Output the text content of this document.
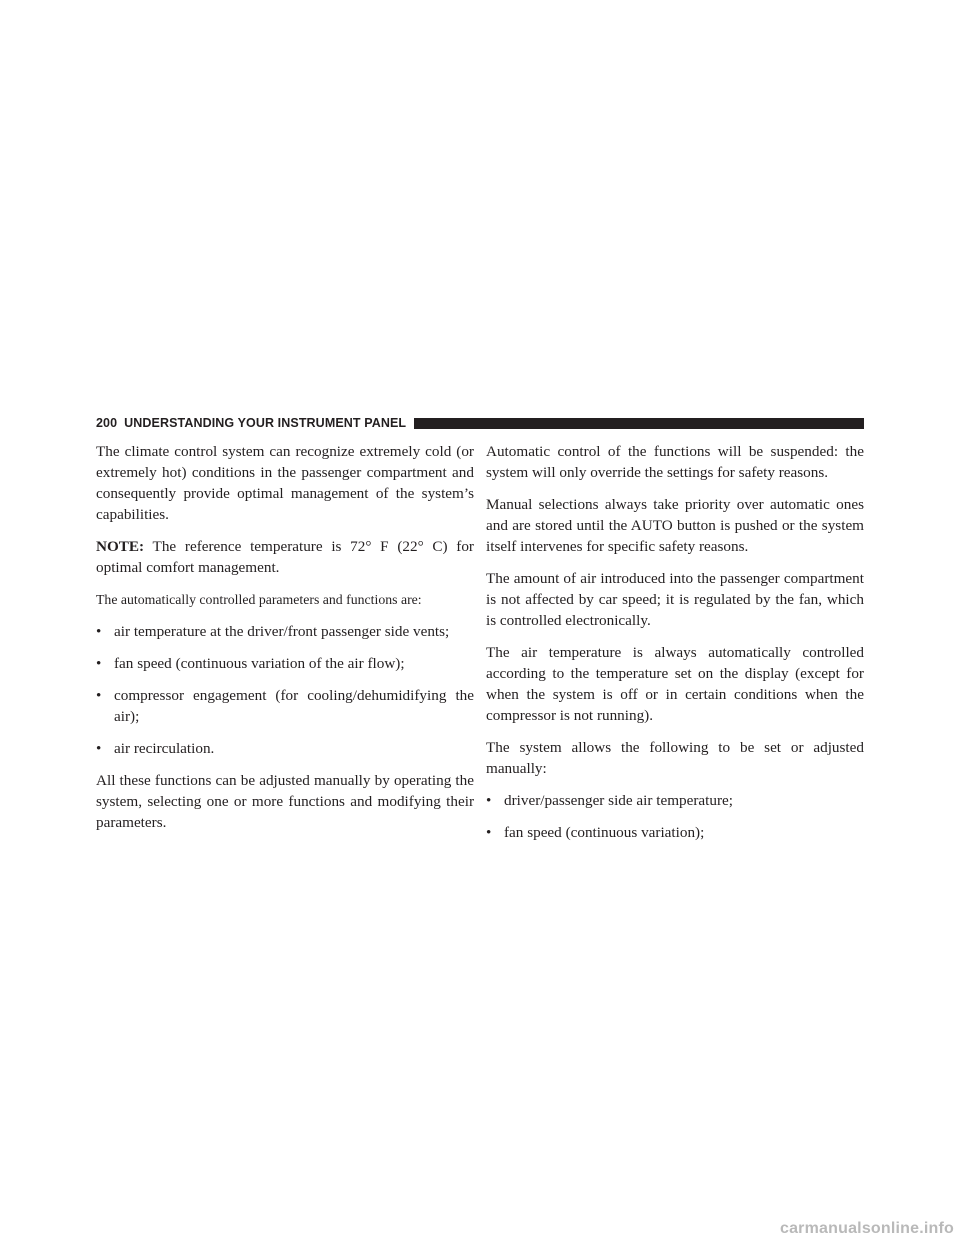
200 UNDERSTANDING YOUR INSTRUMENT PANEL

The climate control system can recognize extremely cold (or extremely hot) conditions in the passenger compartment and consequently provide optimal management of the system’s capabilities.

NOTE: The reference temperature is 72° F (22° C) for optimal comfort management.

The automatically controlled parameters and functions are:

• air temperature at the driver/front passenger side vents;
• fan speed (continuous variation of the air flow);
• compressor engagement (for cooling/dehumidifying the air);
• air recirculation.

All these functions can be adjusted manually by operating the system, selecting one or more functions and modifying their parameters.

Automatic control of the functions will be suspended: the system will only override the settings for safety reasons.

Manual selections always take priority over automatic ones and are stored until the AUTO button is pushed or the system itself intervenes for specific safety reasons.

The amount of air introduced into the passenger compartment is not affected by car speed; it is regulated by the fan, which is controlled electronically.

The air temperature is always automatically controlled according to the temperature set on the display (except for when the system is off or in certain conditions when the compressor is not running).

The system allows the following to be set or adjusted manually:

• driver/passenger side air temperature;
• fan speed (continuous variation);
carmanualsonline.info
